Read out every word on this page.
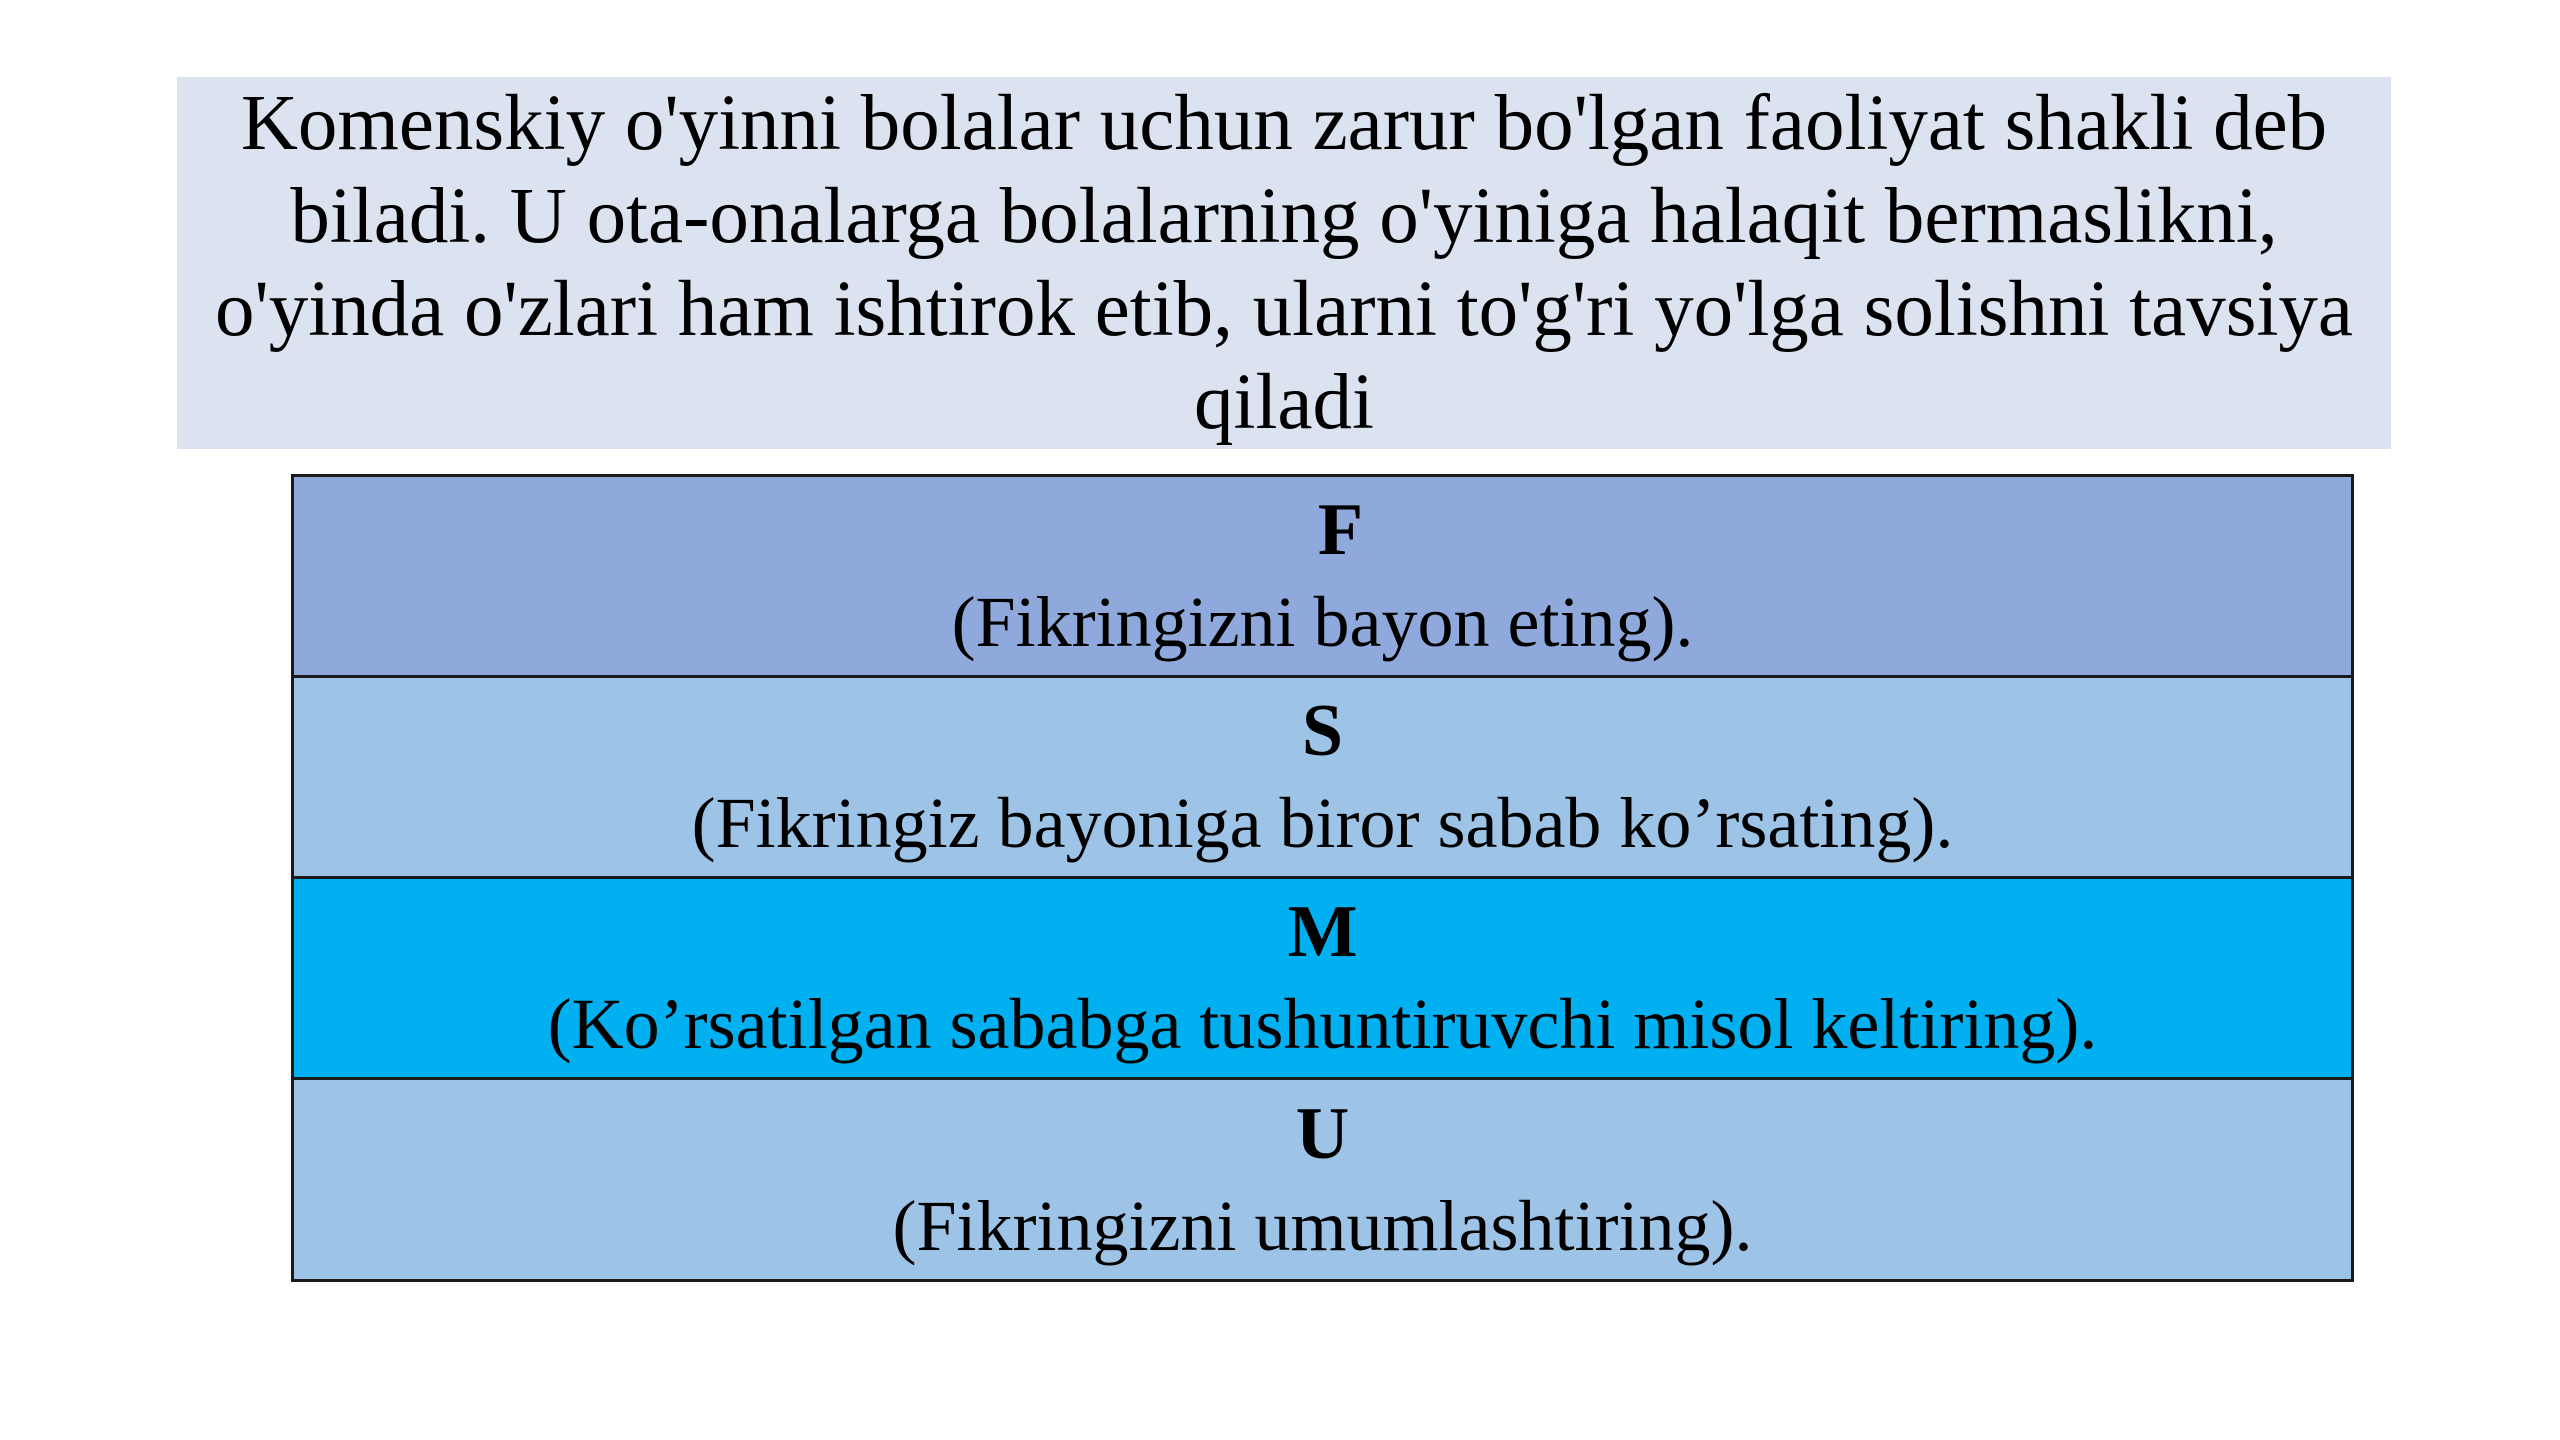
Komenskiy o'yinni bolalar uchun zarur bo'lgan faoliyat shakli deb biladi. U ota-onalarga bolalarning o'yiniga halaqit bermaslikni, o'yinda o'zlari ham ishtirok etib, ularni to'g'ri yo'lga solishni tavsiya qiladi

F
(Fikringizni bayon eting).
S
(Fikringiz bayoniga biror sabab ko’rsating).
M
(Ko’rsatilgan sababga tushuntiruvchi misol keltiring).
U
(Fikringizni umumlashtiring).
